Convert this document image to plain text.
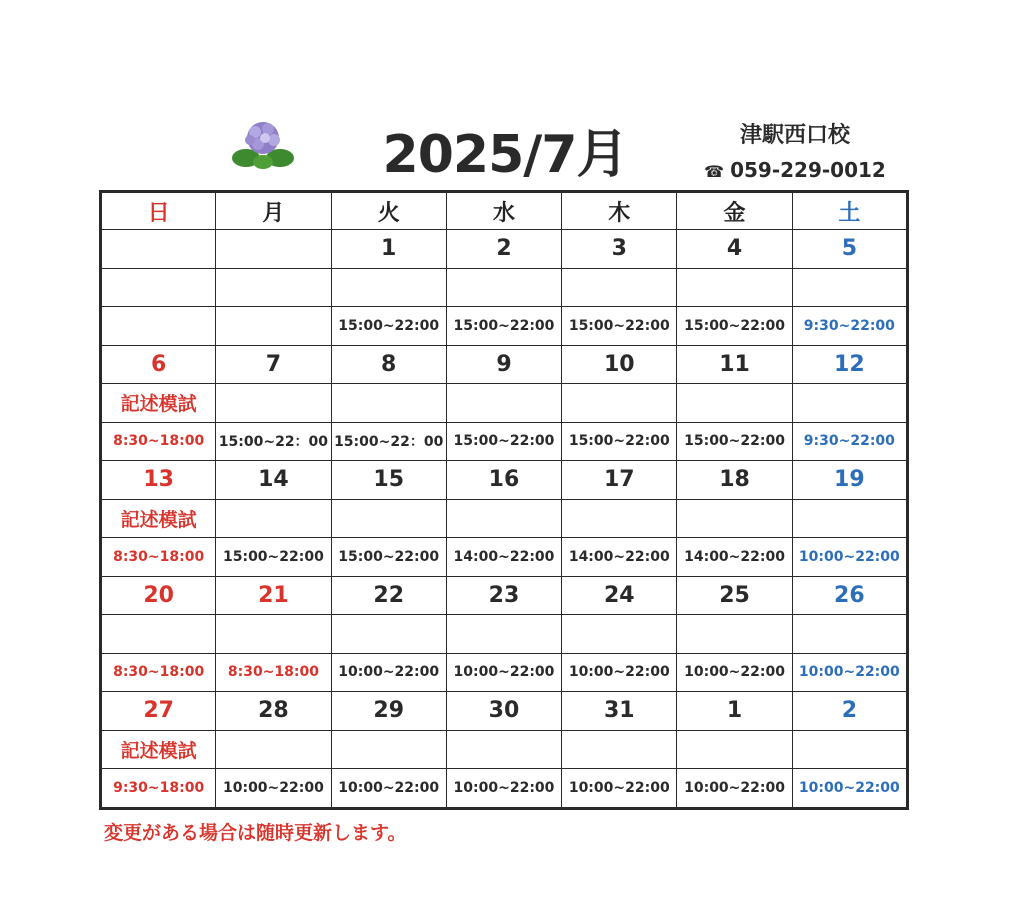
2025/7月	津駅西口校
☎ 059-229-0012
日	月	火	水	木	金	土
		1	2	3	4	5

		15:00~22:00	15:00~22:00	15:00~22:00	15:00~22:00	9:30~22:00
6	7	8	9	10	11	12
記述模試						
8:30~18:00	15:00~22：00	15:00~22：00	15:00~22:00	15:00~22:00	15:00~22:00	9:30~22:00
13	14	15	16	17	18	19
記述模試						
8:30~18:00	15:00~22:00	15:00~22:00	14:00~22:00	14:00~22:00	14:00~22:00	10:00~22:00
20	21	22	23	24	25	26

8:30~18:00	8:30~18:00	10:00~22:00	10:00~22:00	10:00~22:00	10:00~22:00	10:00~22:00
27	28	29	30	31	1	2
記述模試						
9:30~18:00	10:00~22:00	10:00~22:00	10:00~22:00	10:00~22:00	10:00~22:00	10:00~22:00
変更がある場合は随時更新します。
